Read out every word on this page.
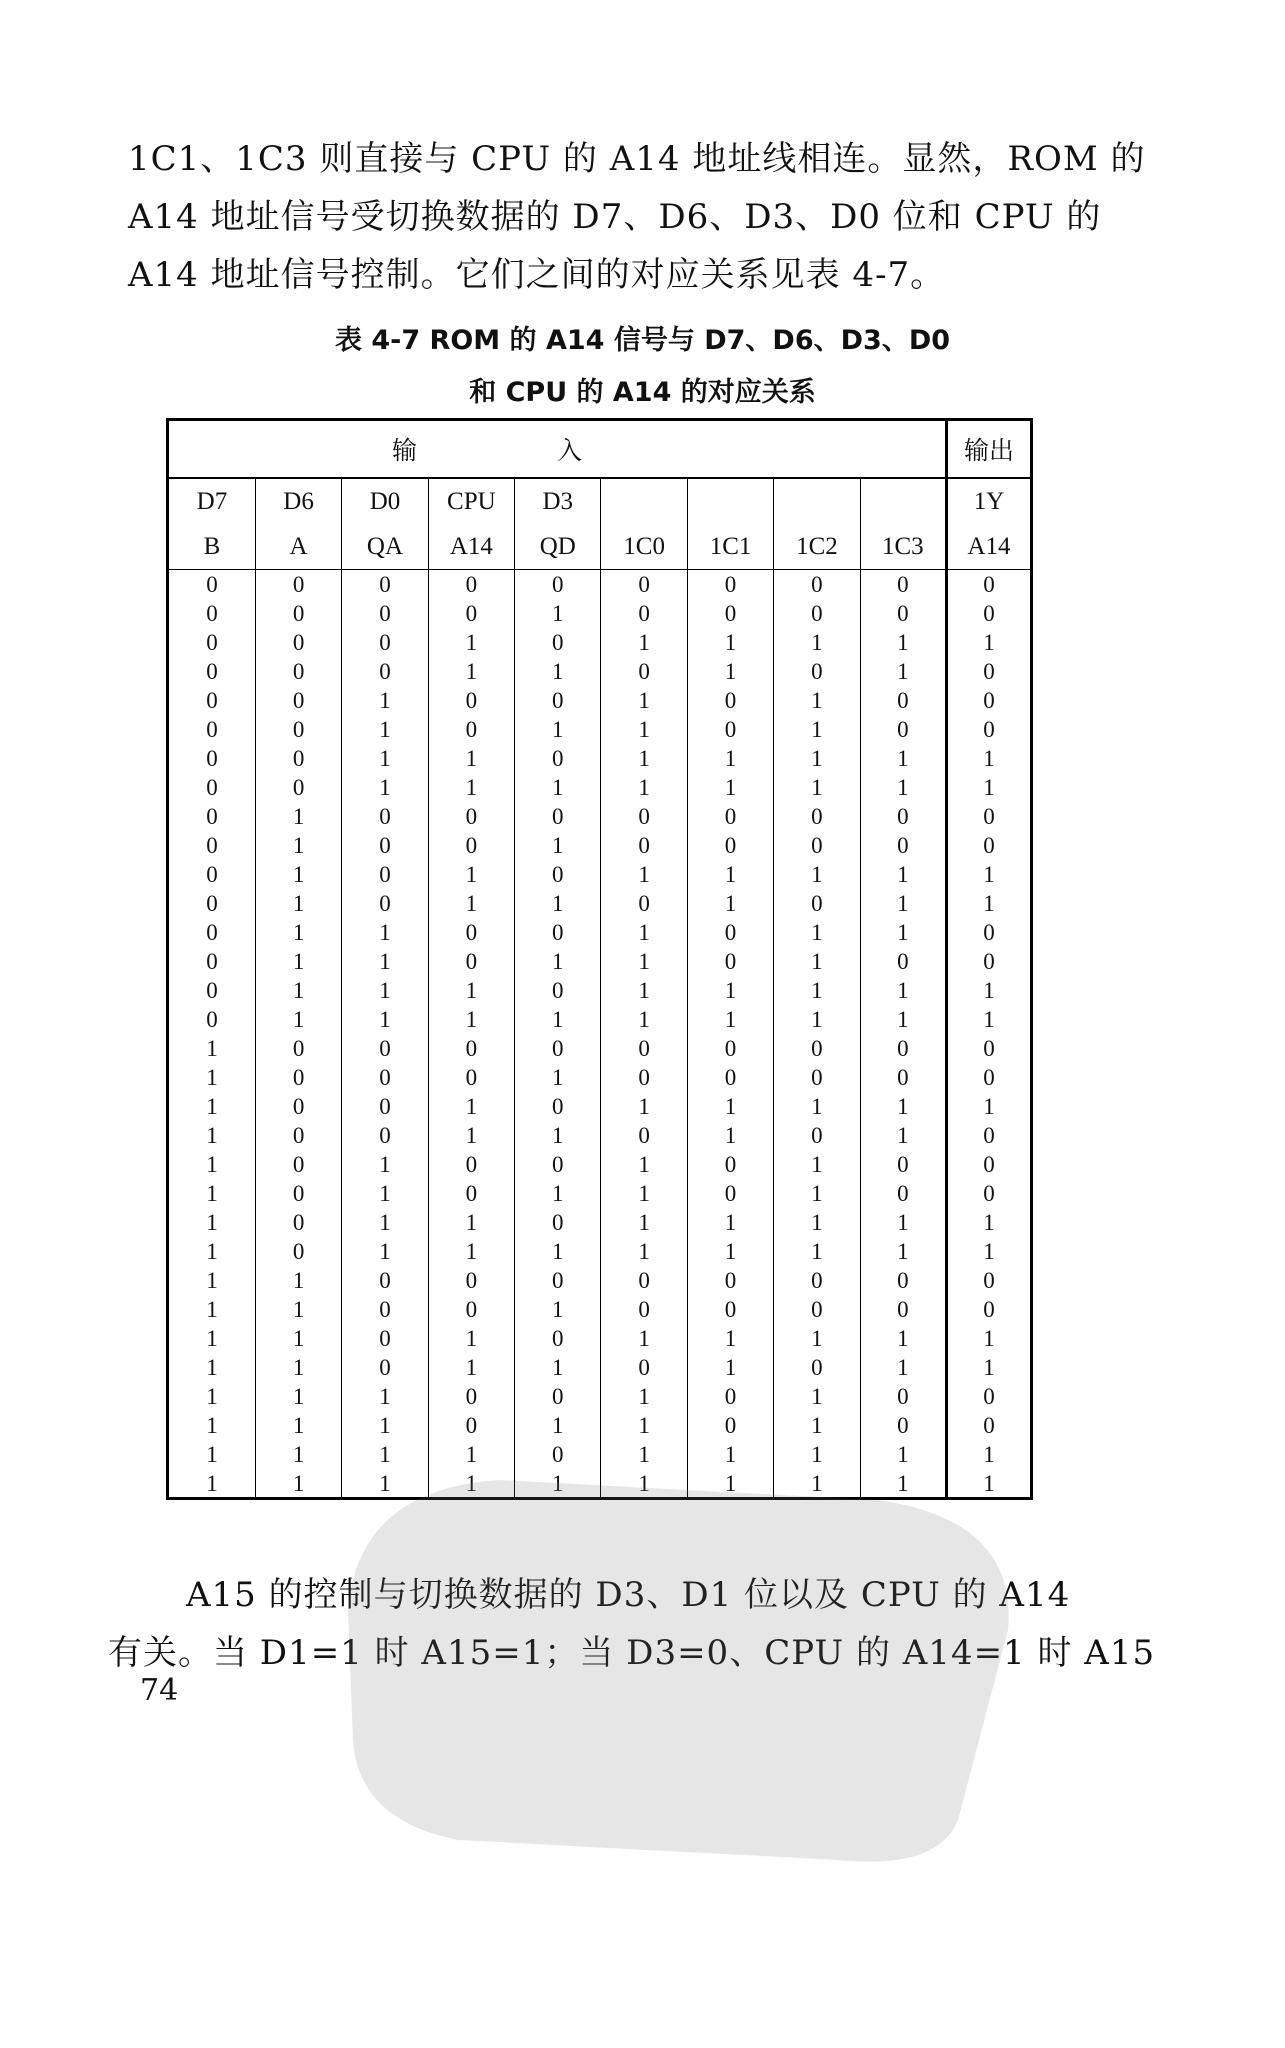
1C1、1C3 则直接与 CPU 的 A14 地址线相连。显然，ROM 的
A14 地址信号受切换数据的 D7、D6、D3、D0 位和 CPU 的
A14 地址信号控制。它们之间的对应关系见表 4-7。

表 4-7 ROM 的 A14 信号与 D7、D6、D3、D0

和 CPU 的 A14 的对应关系

输入									输出
D7	D6	D0	CPU	D3					1Y
B	A	QA	A14	QD	1C0	1C1	1C2	1C3	A14
0	0	0	0	0	0	0	0	0	0
0	0	0	0	1	0	0	0	0	0
0	0	0	1	0	1	1	1	1	1
0	0	0	1	1	0	1	0	1	0
0	0	1	0	0	1	0	1	0	0
0	0	1	0	1	1	0	1	0	0
0	0	1	1	0	1	1	1	1	1
0	0	1	1	1	1	1	1	1	1
0	1	0	0	0	0	0	0	0	0
0	1	0	0	1	0	0	0	0	0
0	1	0	1	0	1	1	1	1	1
0	1	0	1	1	0	1	0	1	1
0	1	1	0	0	1	0	1	1	0
0	1	1	0	1	1	0	1	0	0
0	1	1	1	0	1	1	1	1	1
0	1	1	1	1	1	1	1	1	1
1	0	0	0	0	0	0	0	0	0
1	0	0	0	1	0	0	0	0	0
1	0	0	1	0	1	1	1	1	1
1	0	0	1	1	0	1	0	1	0
1	0	1	0	0	1	0	1	0	0
1	0	1	0	1	1	0	1	0	0
1	0	1	1	0	1	1	1	1	1
1	0	1	1	1	1	1	1	1	1
1	1	0	0	0	0	0	0	0	0
1	1	0	0	1	0	0	0	0	0
1	1	0	1	0	1	1	1	1	1
1	1	0	1	1	0	1	0	1	1
1	1	1	0	0	1	0	1	0	0
1	1	1	0	1	1	0	1	0	0
1	1	1	1	0	1	1	1	1	1
1	1	1	1	1	1	1	1	1	1

A15 的控制与切换数据的 D3、D1 位以及 CPU 的 A14
有关。当 D1=1 时 A15=1；当 D3=0、CPU 的 A14=1 时 A15

74
